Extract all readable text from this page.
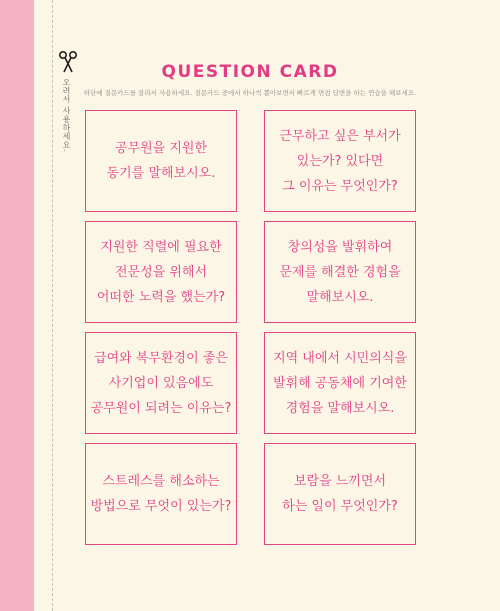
오려서 사용하세요.
QUESTION CARD
하단에 질문카드를 잘라서 사용하세요. 질문카드 중에서 하나씩 뽑아보면서 빠르게 면접 답변을 하는 연습을 해보세요.
공무원을 지원한
동기를 말해보시오.
근무하고 싶은 부서가
있는가? 있다면
그 이유는 무엇인가?
지원한 직렬에 필요한
전문성을 위해서
어떠한 노력을 했는가?
창의성을 발휘하여
문제를 해결한 경험을
말해보시오.
급여와 복무환경이 좋은
사기업이 있음에도
공무원이 되려는 이유는?
지역 내에서 시민의식을
발휘해 공동체에 기여한
경험을 말해보시오.
스트레스를 해소하는
방법으로 무엇이 있는가?
보람을 느끼면서
하는 일이 무엇인가?
